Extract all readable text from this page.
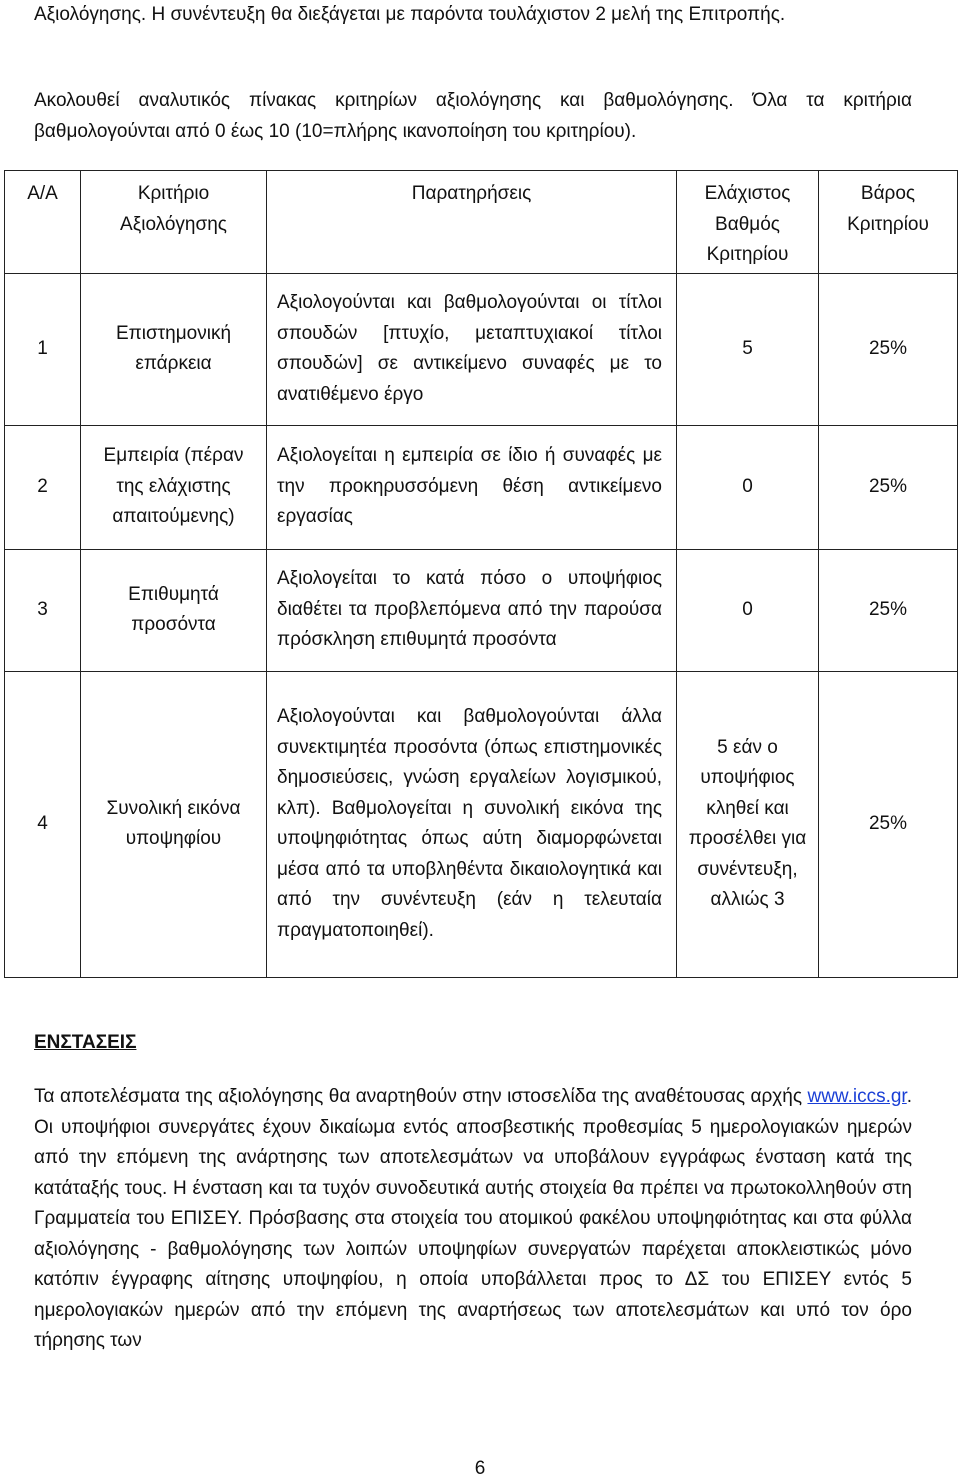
Αξιολόγησης. Η συνέντευξη θα διεξάγεται με παρόντα τουλάχιστον 2 μελή της Επιτροπής.

Ακολουθεί αναλυτικός πίνακας κριτηρίων αξιολόγησης και βαθμολόγησης. Όλα τα κριτήρια βαθμολογούνται από 0 έως 10 (10=πλήρης ικανοποίηση του κριτηρίου).

Α/Α	Κριτήριο Αξιολόγησης	Παρατηρήσεις	Ελάχιστος Βαθμός Κριτηρίου	Βάρος Κριτηρίου
1	Επιστημονική επάρκεια	Αξιολογούνται και βαθμολογούνται οι τίτλοι σπουδών [πτυχίο, μεταπτυχιακοί τίτλοι σπουδών] σε αντικείμενο συναφές με το ανατιθέμενο έργο	5	25%
2	Εμπειρία (πέραν της ελάχιστης απαιτούμενης)	Αξιολογείται η εμπειρία σε ίδιο ή συναφές με την προκηρυσσόμενη θέση αντικείμενο εργασίας	0	25%
3	Επιθυμητά προσόντα	Αξιολογείται το κατά πόσο ο υποψήφιος διαθέτει τα προβλεπόμενα από την παρούσα πρόσκληση επιθυμητά προσόντα	0	25%
4	Συνολική εικόνα υποψηφίου	Αξιολογούνται και βαθμολογούνται άλλα συνεκτιμητέα προσόντα (όπως επιστημονικές δημοσιεύσεις, γνώση εργαλείων λογισμικού, κλπ). Βαθμολογείται η συνολική εικόνα της υποψηφιότητας όπως αύτη διαμορφώνεται μέσα από τα υποβληθέντα δικαιολογητικά και από την συνέντευξη (εάν η τελευταία πραγματοποιηθεί).	5 εάν ο υποψήφιος κληθεί και προσέλθει για συνέντευξη, αλλιώς 3	25%
ΕΝΣΤΑΣΕΙΣ

Τα αποτελέσματα της αξιολόγησης θα αναρτηθούν στην ιστοσελίδα της αναθέτουσας αρχής www.iccs.gr. Οι υποψήφιοι συνεργάτες έχουν δικαίωμα εντός αποσβεστικής προθεσμίας 5 ημερολογιακών ημερών από την επόμενη της ανάρτησης των αποτελεσμάτων να υποβάλουν εγγράφως ένσταση κατά της κατάταξής τους. Η ένσταση και τα τυχόν συνοδευτικά αυτής στοιχεία θα πρέπει να πρωτοκολληθούν στη Γραμματεία του ΕΠΙΣΕΥ. Πρόσβασης στα στοιχεία του ατομικού φακέλου υποψηφιότητας και στα φύλλα αξιολόγησης - βαθμολόγησης των λοιπών υποψηφίων συνεργατών παρέχεται αποκλειστικώς μόνο κατόπιν έγγραφης αίτησης υποψηφίου, η οποία υποβάλλεται προς το ΔΣ του ΕΠΙΣΕΥ εντός 5 ημερολογιακών ημερών από την επόμενη της αναρτήσεως των αποτελεσμάτων και υπό τον όρο τήρησης των

6
